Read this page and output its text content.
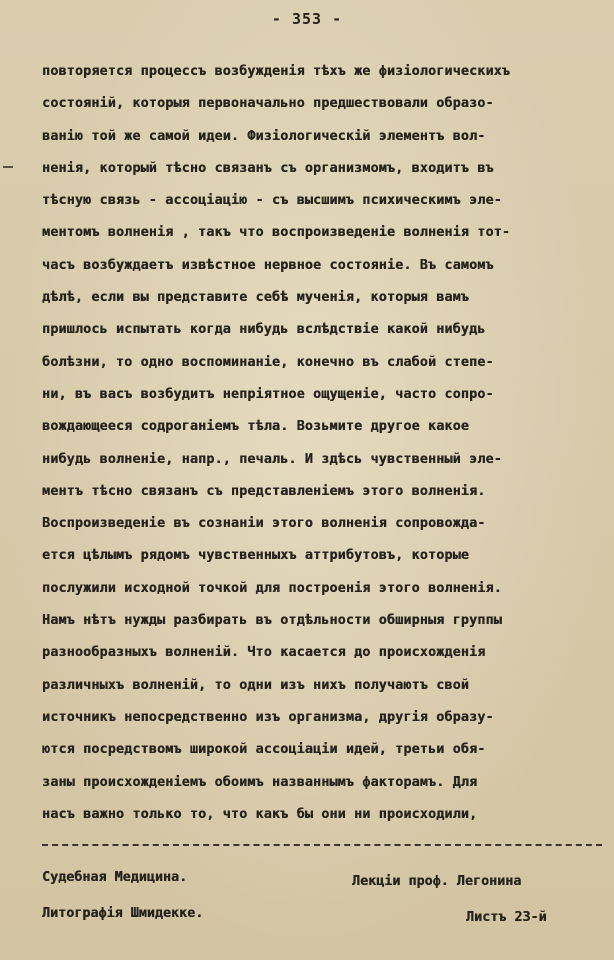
- 353 -
повторяется процессъ возбужденія тѣхъ же физіологическихъ
состояній, которыя первоначально предшествовали образо-
ванію той же самой идеи. Физіологическій элементъ вол-
ненія, который тѣсно связанъ съ организмомъ, входитъ въ
тѣсную связь - ассоціацію - съ высшимъ психическимъ эле-
ментомъ волненія , такъ что воспроизведеніе волненія тот-
часъ возбуждаетъ извѣстное нервное состояніе. Въ самомъ
дѣлѣ, если вы представите себѣ мученія, которыя вамъ
пришлось испытать когда нибудь вслѣдствіе какой нибудь
болѣзни, то одно воспоминаніе, конечно въ слабой степе-
ни, въ васъ возбудитъ непріятное ощущеніе, часто сопро-
вождающееся содроганіемъ тѣла. Возьмите другое какое
нибудь волненіе, напр., печаль. И здѣсь чувственный эле-
ментъ тѣсно связанъ съ представленіемъ этого волненія.
Воспроизведеніе въ сознаніи этого волненія сопровожда-
ется цѣлымъ рядомъ чувственныхъ аттрибутовъ, которые
послужили исходной точкой для построенія этого волненія.
Намъ нѣтъ нужды разбирать въ отдѣльности обширныя группы
разнообразныхъ волненій. Что касается до происхожденія
различныхъ волненій, то одни изъ нихъ получаютъ свой
источникъ непосредственно изъ организма, другія образу-
ются посредствомъ широкой ассоціаціи идей, третьи обя-
заны происхожденіемъ обоимъ названнымъ факторамъ. Для
насъ важно только то, что какъ бы они ни происходили,
Судебная Медицина.	Лекціи проф. Легонина
Литографія Шмидекке.	Листъ 23-й
